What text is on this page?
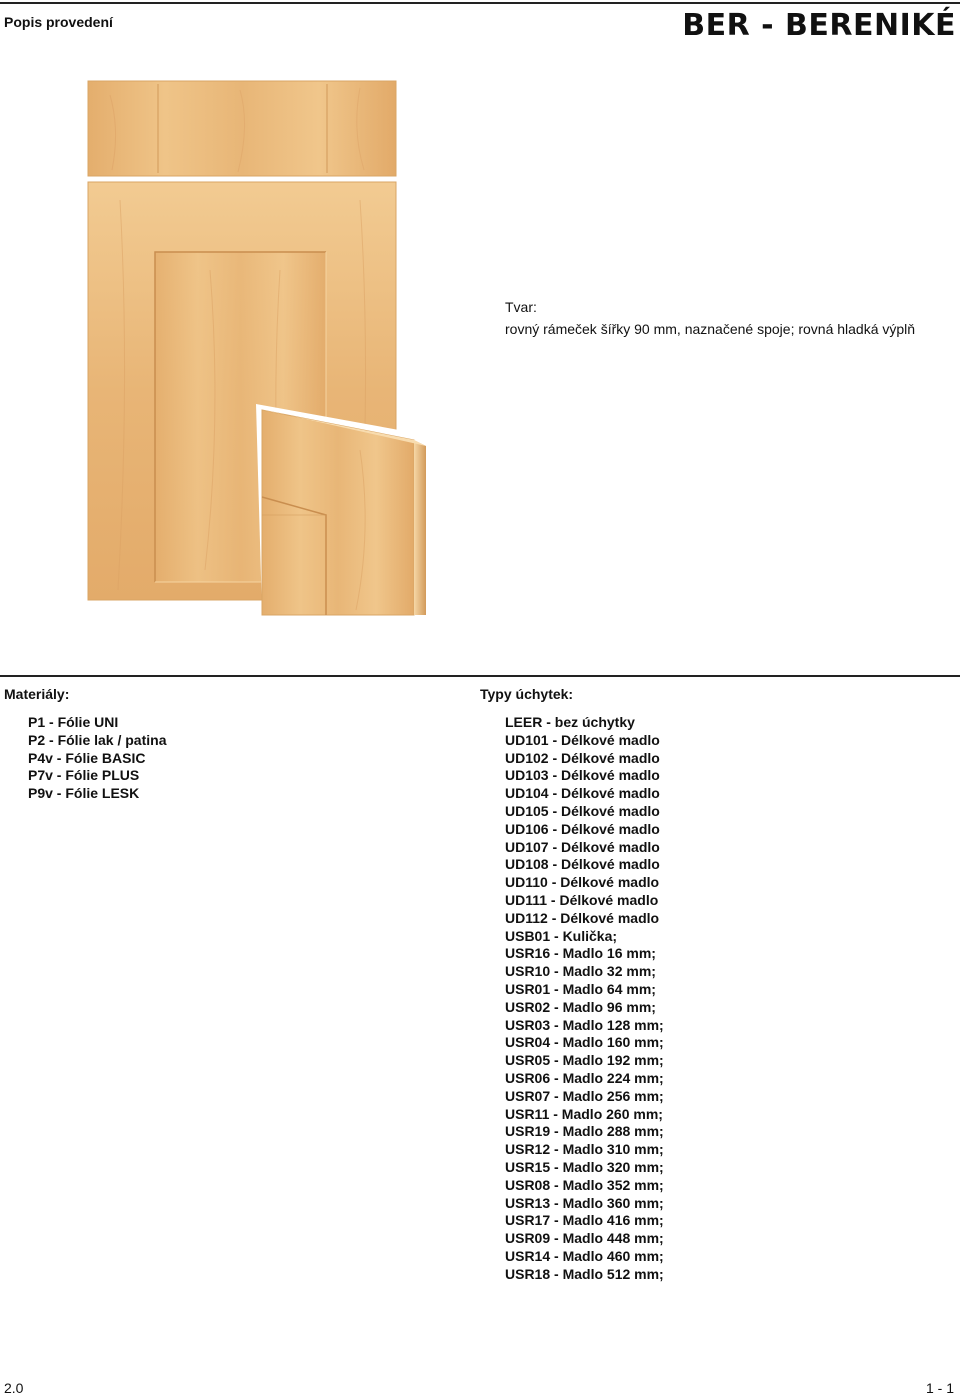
Popis provedení	BER - BERENIKÉ
Tvar:
rovný rámeček šířky 90 mm, naznačené spoje; rovná hladká výplň
Materiály:
P1 - Fólie UNI
P2 - Fólie lak / patina
P4v - Fólie BASIC
P7v - Fólie PLUS
P9v - Fólie LESK
Typy úchytek:
LEER - bez úchytky
UD101 - Délkové madlo
UD102 - Délkové madlo
UD103 - Délkové madlo
UD104 - Délkové madlo
UD105 - Délkové madlo
UD106 - Délkové madlo
UD107 - Délkové madlo
UD108 - Délkové madlo
UD110 - Délkové madlo
UD111 - Délkové madlo
UD112 - Délkové madlo
USB01 - Kulička;
USR16 - Madlo 16 mm;
USR10 - Madlo 32 mm;
USR01 - Madlo 64 mm;
USR02 - Madlo 96 mm;
USR03 - Madlo 128 mm;
USR04 - Madlo 160 mm;
USR05 - Madlo 192 mm;
USR06 - Madlo 224 mm;
USR07 - Madlo 256 mm;
USR11 - Madlo 260 mm;
USR19 - Madlo 288 mm;
USR12 - Madlo 310 mm;
USR15 - Madlo 320 mm;
USR08 - Madlo 352 mm;
USR13 - Madlo 360 mm;
USR17 - Madlo 416 mm;
USR09 - Madlo 448 mm;
USR14 - Madlo 460 mm;
USR18 - Madlo 512 mm;
2.0	1 - 1
